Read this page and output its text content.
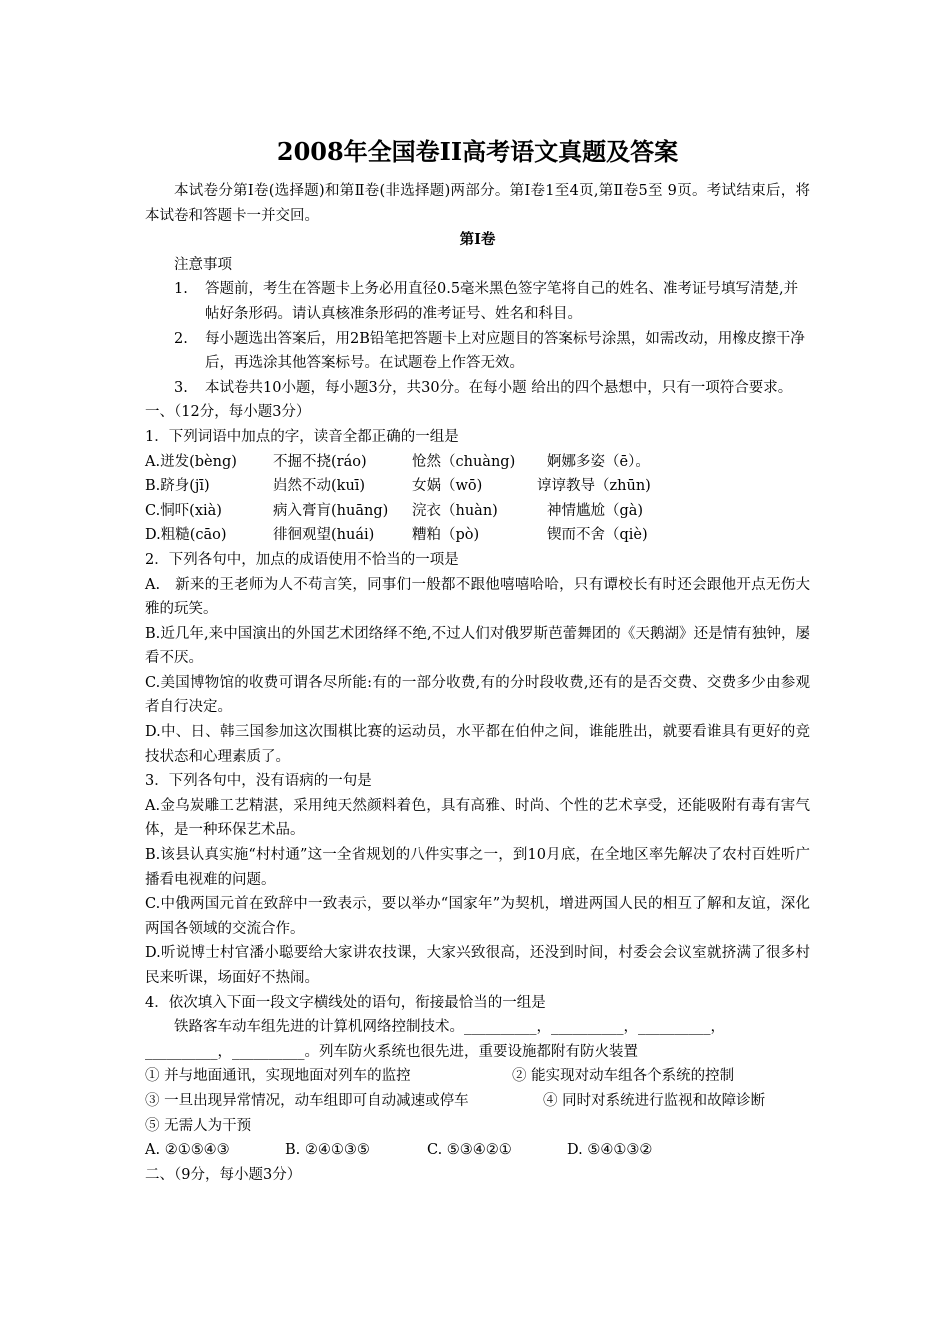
2008年全国卷ⅠⅠ高考语文真题及答案
本试卷分第Ⅰ卷(选择题)和第Ⅱ卷(非选择题)两部分。第Ⅰ卷1至4页,第Ⅱ卷5至 9页。考试结束后，将本试卷和答题卡一并交回。
第Ⅰ卷
注意事项
1.	答题前，考生在答题卡上务必用直径0.5毫米黑色签字笔将自己的姓名、准考证号填写清楚,并帖好条形码。请认真核准条形码的准考证号、姓名和科目。
2.	每小题选出答案后，用2B铅笔把答题卡上对应题目的答案标号涂黑，如需改动，用橡皮擦干净后，再选涂其他答案标号。在试题卷上作答无效。
3.	本试卷共10小题，每小题3分，共30分。在每小题 给出的四个悬想中，只有一项符合要求。
一、（12分，每小题3分）
1．下列词语中加点的字，读音全都正确的一组是
A.迸发(bèng)	不掘不挠(ráo)	怆然（chuàng)	婀娜多姿（ē）。
B.跻身(jī)	岿然不动(kuī)	女娲（wō)	谆谆教导（zhūn)
C.恫吓(xià)	病入膏肓(huāng)	浣衣（huàn)	神情尴尬（gà)
D.粗糙(cāo)	徘徊观望(huái)	糟粕（pò)	锲而不舍（qiè)
2．下列各句中，加点的成语使用不恰当的一项是
A.　新来的王老师为人不苟言笑，同事们一般都不跟他嘻嘻哈哈，只有谭校长有时还会跟他开点无伤大雅的玩笑。
B.近几年,来中国演出的外国艺术团络绎不绝,不过人们对俄罗斯芭蕾舞团的《天鹅湖》还是情有独钟，屡看不厌。
C.美国博物馆的收费可谓各尽所能:有的一部分收费,有的分时段收费,还有的是否交费、交费多少由参观者自行决定。
D.中、日、韩三国参加这次围棋比赛的运动员，水平都在伯仲之间，谁能胜出，就要看谁具有更好的竞技状态和心理素质了。
3．下列各句中，没有语病的一句是
A.金乌炭雕工艺精湛，采用纯天然颜料着色，具有高雅、时尚、个性的艺术享受，还能吸附有毒有害气体，是一种环保艺术品。
B.该县认真实施“村村通”这一全省规划的八件实事之一，到10月底，在全地区率先解决了农村百姓听广播看电视难的问题。
C.中俄两国元首在致辞中一致表示，要以举办“国家年”为契机，增进两国人民的相互了解和友谊，深化两国各领域的交流合作。
D.听说博士村官潘小聪要给大家讲农技课，大家兴致很高，还没到时间，村委会会议室就挤满了很多村民来听课，场面好不热闹。
4．依次填入下面一段文字横线处的语句，衔接最恰当的一组是
铁路客车动车组先进的计算机网络控制技术。__________，__________，__________，
__________，__________。列车防火系统也很先进，重要设施都附有防火装置
① 并与地面通讯，实现地面对列车的监控	② 能实现对动车组各个系统的控制
③ 一旦出现异常情况，动车组即可自动减速或停车	④ 同时对系统进行监视和故障诊断
⑤ 无需人为干预
A. ②①⑤④③	B. ②④①③⑤	C. ⑤③④②①	D. ⑤④①③②
二、（9分，每小题3分）
